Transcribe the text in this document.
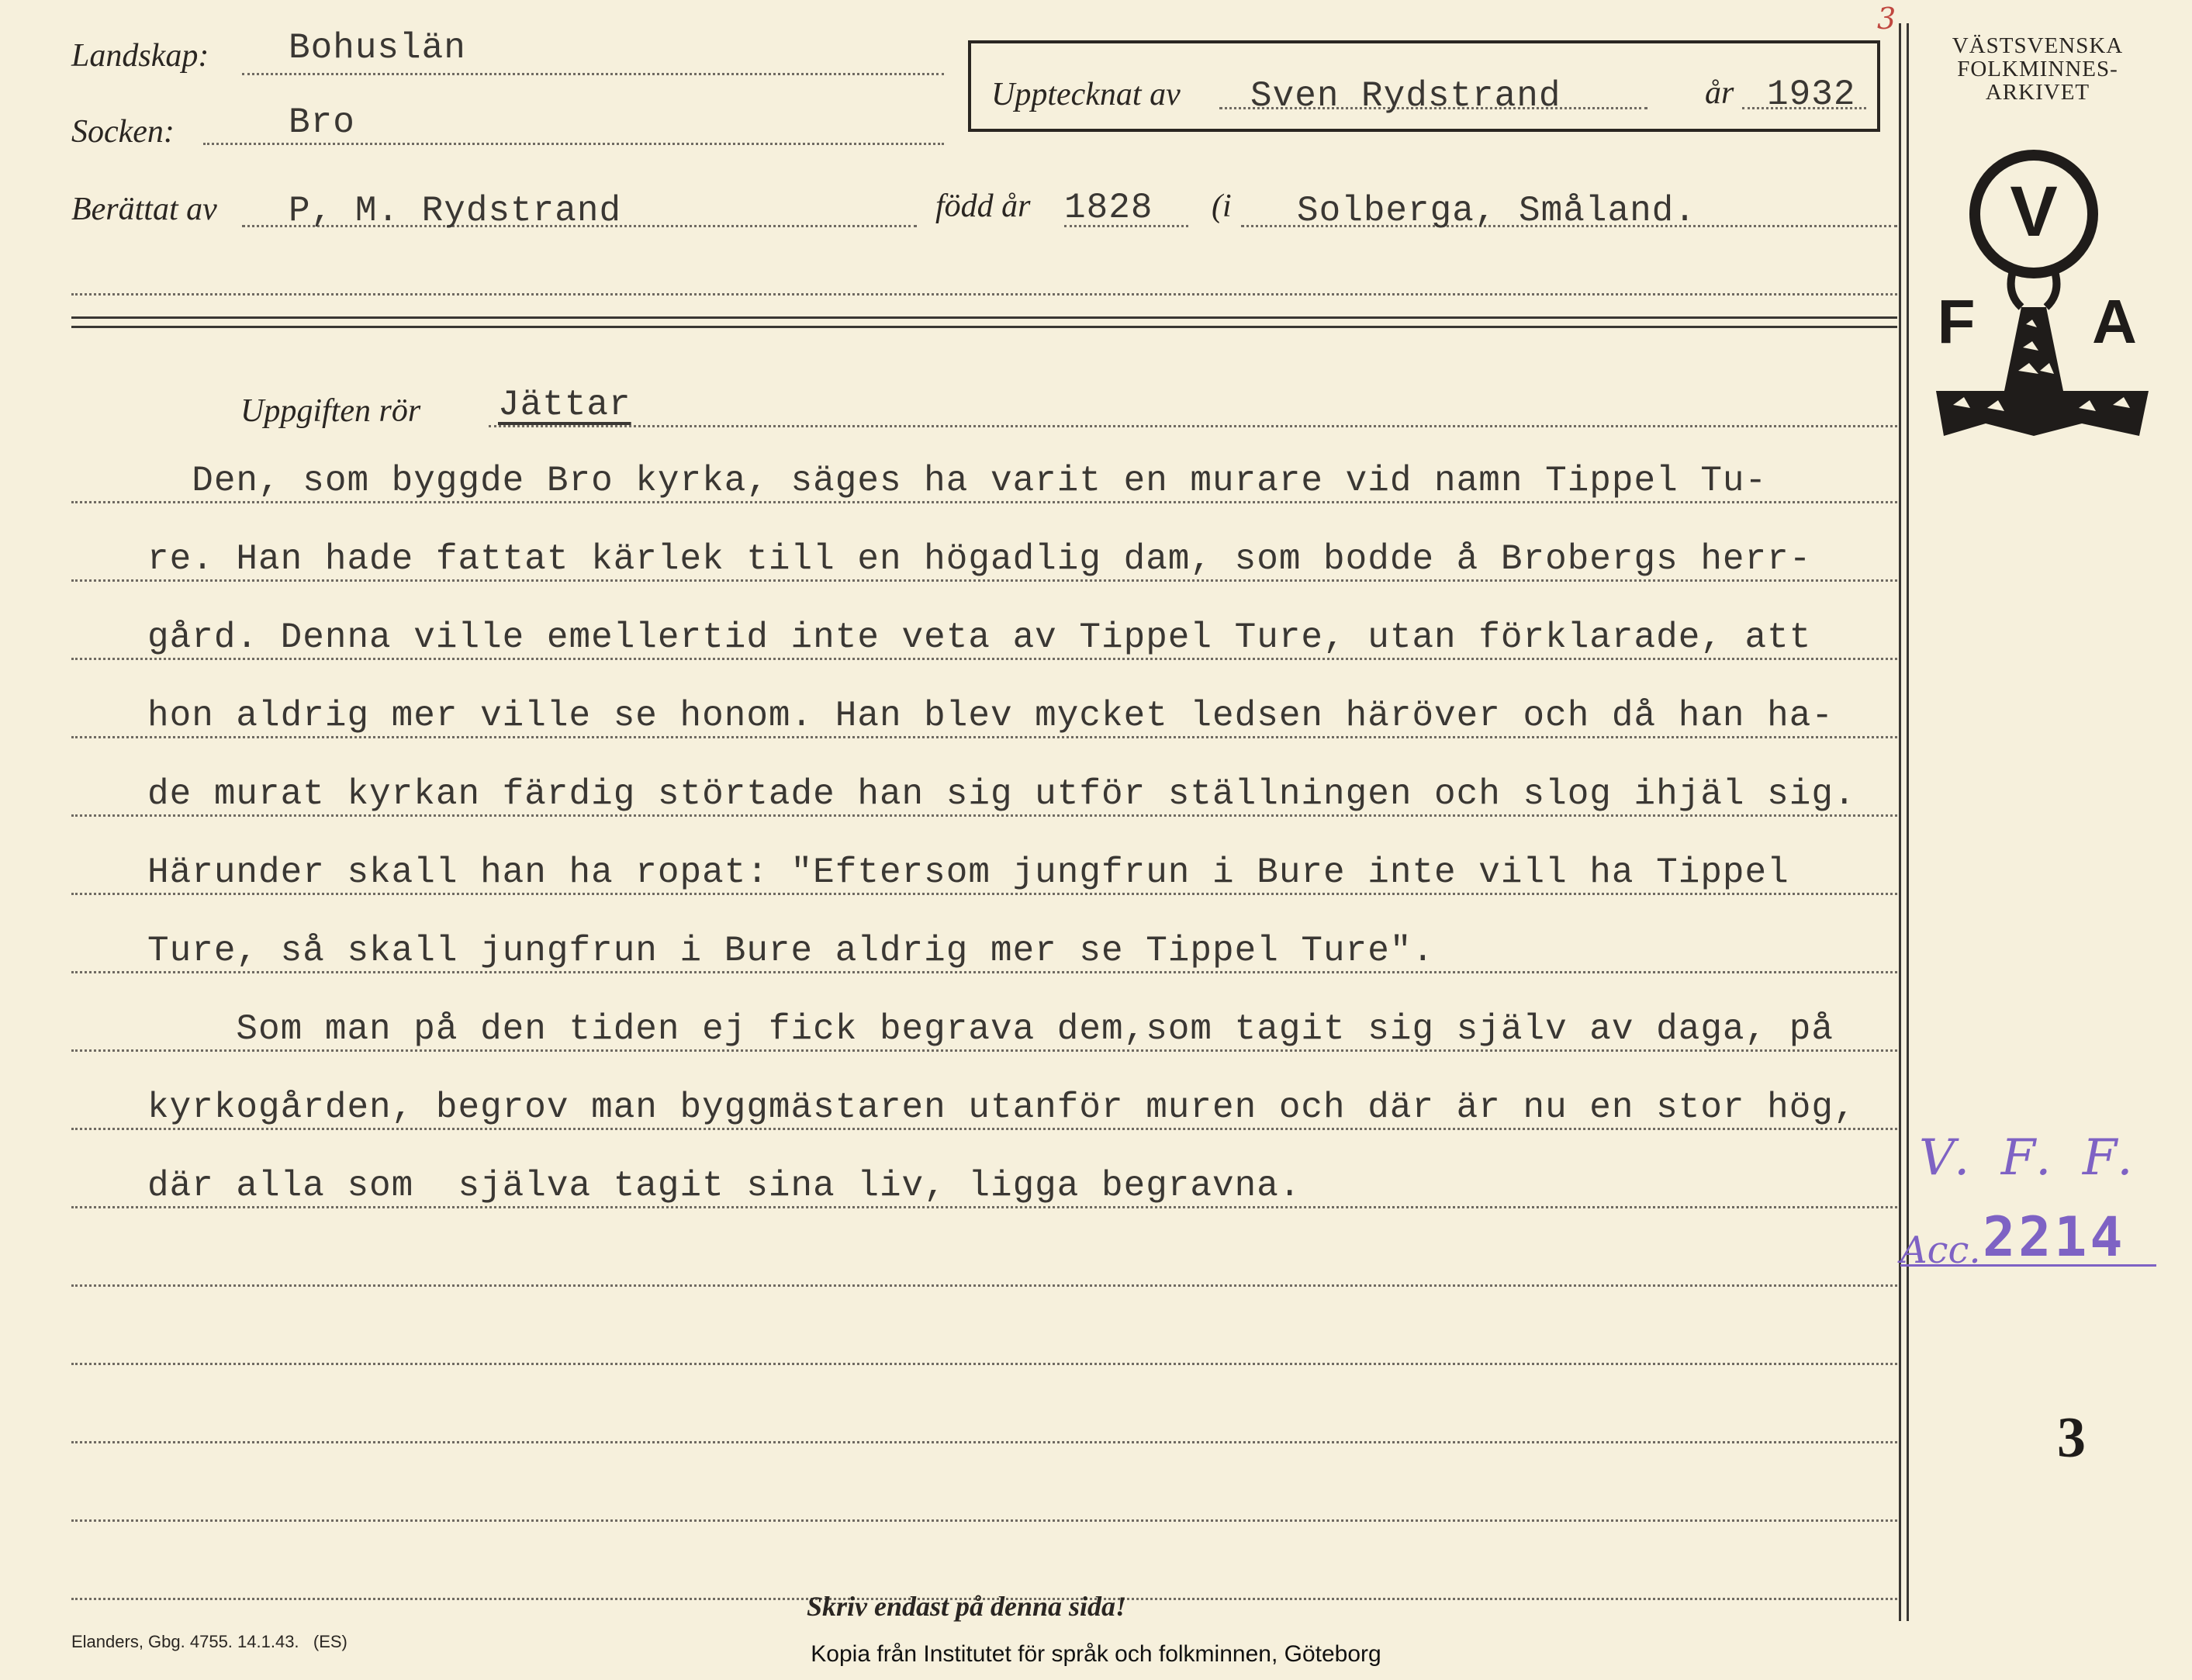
Landskap: Bohuslän
Socken:	Bro
Upptecknat av Sven Rydstrand	år 1932
3
Berättat av P, M. Rydstrand	född år 1828 (i Solberga, Småland.
VÄSTSVENSKA
FOLKMINNES-
ARKIVET
V
F A
Uppgiften rör Jättar
Den, som byggde Bro kyrka, säges ha varit en murare vid namn Tippel Tu-
re. Han hade fattat kärlek till en högadlig dam, som bodde å Brobergs herr-
gård. Denna ville emellertid inte veta av Tippel Ture, utan förklarade, att
hon aldrig mer ville se honom. Han blev mycket ledsen häröver och då han ha-
de murat kyrkan färdig störtade han sig utför ställningen och slog ihjäl sig.
Härunder skall han ha ropat: "Eftersom jungfrun i Bure inte vill ha Tippel
Ture, så skall jungfrun i Bure aldrig mer se Tippel Ture".
Som man på den tiden ej fick begrava dem,som tagit sig själv av daga, på
kyrkogården, begrov man byggmästaren utanför muren och där är nu en stor hög,
där alla som  själva tagit sina liv, ligga begravna.	V. F. F.
Acc. 2214
3
Skriv endast på denna sida!
Elanders, Gbg. 4755. 14.1.43.   (ES)	Kopia från Institutet för språk och folkminnen, Göteborg
